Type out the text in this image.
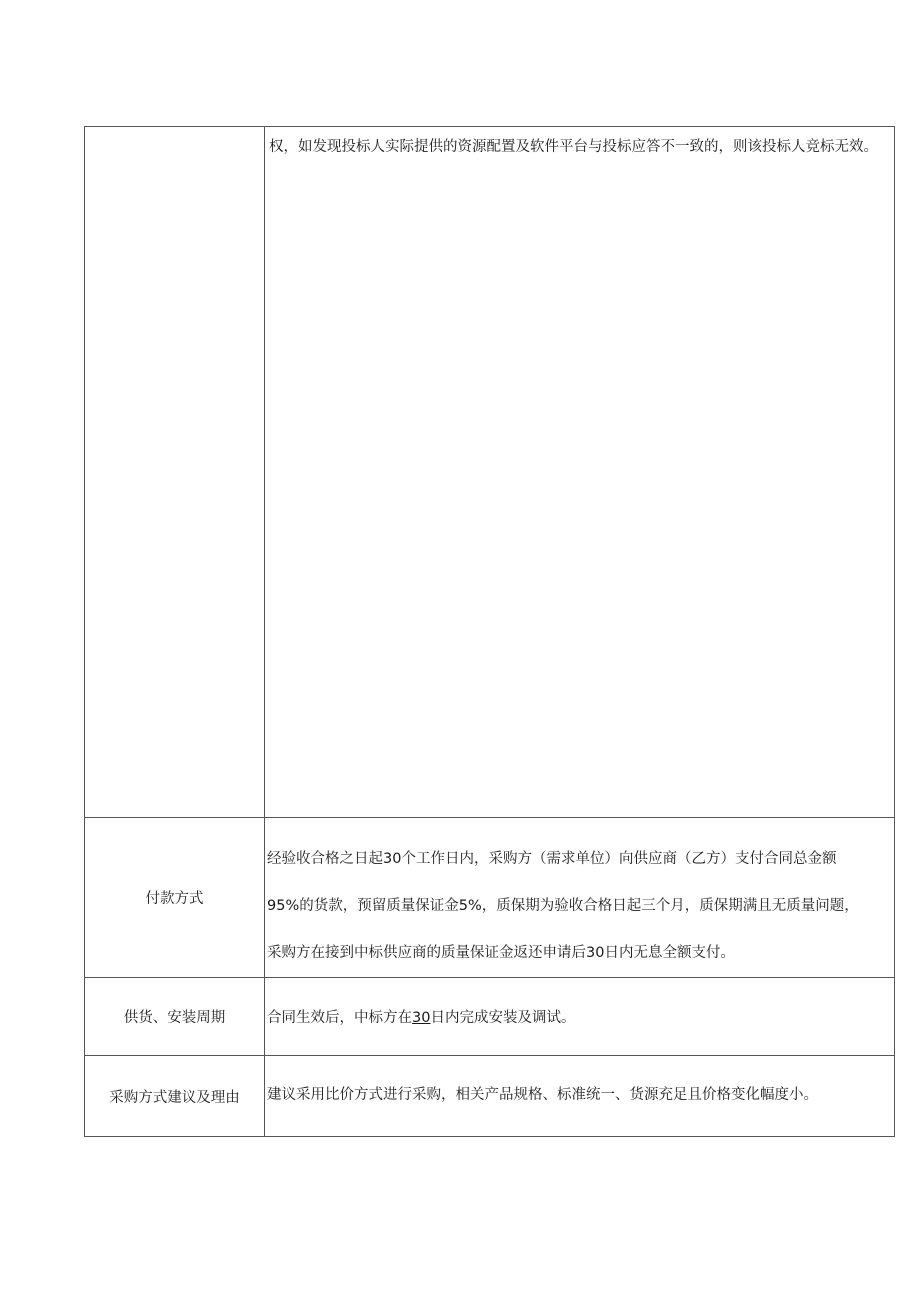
	权，如发现投标人实际提供的资源配置及软件平台与投标应答不一致的，则该投标人竞标无效。

付款方式	经验收合格之日起30个工作日内，采购方（需求单位）向供应商（乙方）支付合同总金额
95%的货款，预留质量保证金5%，质保期为验收合格日起三个月，质保期满且无质量问题，
采购方在接到中标供应商的质量保证金返还申请后30日内无息全额支付。

供货、安装周期	合同生效后，中标方在30日内完成安装及调试。

采购方式建议及理由	建议采用比价方式进行采购，相关产品规格、标准统一、货源充足且价格变化幅度小。
